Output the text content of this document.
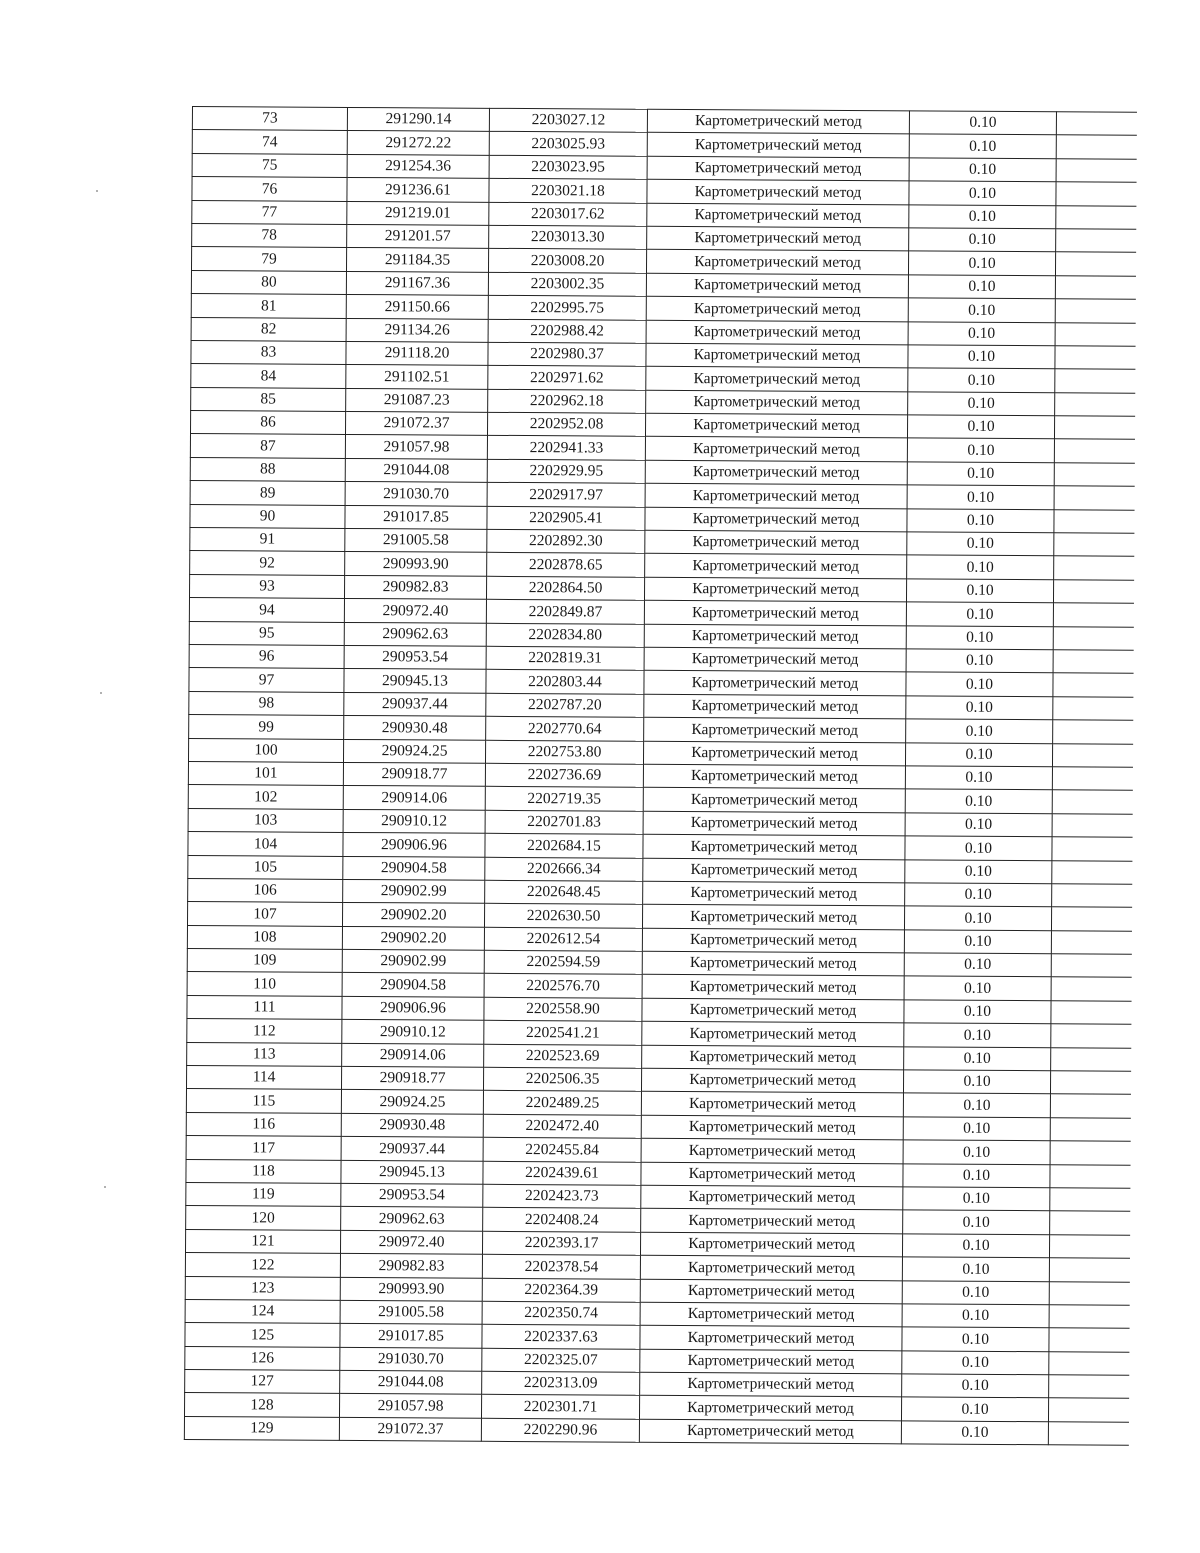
73	291290.14	2203027.12	Картометрический метод	0.10	
74	291272.22	2203025.93	Картометрический метод	0.10	
75	291254.36	2203023.95	Картометрический метод	0.10	
76	291236.61	2203021.18	Картометрический метод	0.10	
77	291219.01	2203017.62	Картометрический метод	0.10	
78	291201.57	2203013.30	Картометрический метод	0.10	
79	291184.35	2203008.20	Картометрический метод	0.10	
80	291167.36	2203002.35	Картометрический метод	0.10	
81	291150.66	2202995.75	Картометрический метод	0.10	
82	291134.26	2202988.42	Картометрический метод	0.10	
83	291118.20	2202980.37	Картометрический метод	0.10	
84	291102.51	2202971.62	Картометрический метод	0.10	
85	291087.23	2202962.18	Картометрический метод	0.10	
86	291072.37	2202952.08	Картометрический метод	0.10	
87	291057.98	2202941.33	Картометрический метод	0.10	
88	291044.08	2202929.95	Картометрический метод	0.10	
89	291030.70	2202917.97	Картометрический метод	0.10	
90	291017.85	2202905.41	Картометрический метод	0.10	
91	291005.58	2202892.30	Картометрический метод	0.10	
92	290993.90	2202878.65	Картометрический метод	0.10	
93	290982.83	2202864.50	Картометрический метод	0.10	
94	290972.40	2202849.87	Картометрический метод	0.10	
95	290962.63	2202834.80	Картометрический метод	0.10	
96	290953.54	2202819.31	Картометрический метод	0.10	
97	290945.13	2202803.44	Картометрический метод	0.10	
98	290937.44	2202787.20	Картометрический метод	0.10	
99	290930.48	2202770.64	Картометрический метод	0.10	
100	290924.25	2202753.80	Картометрический метод	0.10	
101	290918.77	2202736.69	Картометрический метод	0.10	
102	290914.06	2202719.35	Картометрический метод	0.10	
103	290910.12	2202701.83	Картометрический метод	0.10	
104	290906.96	2202684.15	Картометрический метод	0.10	
105	290904.58	2202666.34	Картометрический метод	0.10	
106	290902.99	2202648.45	Картометрический метод	0.10	
107	290902.20	2202630.50	Картометрический метод	0.10	
108	290902.20	2202612.54	Картометрический метод	0.10	
109	290902.99	2202594.59	Картометрический метод	0.10	
110	290904.58	2202576.70	Картометрический метод	0.10	
111	290906.96	2202558.90	Картометрический метод	0.10	
112	290910.12	2202541.21	Картометрический метод	0.10	
113	290914.06	2202523.69	Картометрический метод	0.10	
114	290918.77	2202506.35	Картометрический метод	0.10	
115	290924.25	2202489.25	Картометрический метод	0.10	
116	290930.48	2202472.40	Картометрический метод	0.10	
117	290937.44	2202455.84	Картометрический метод	0.10	
118	290945.13	2202439.61	Картометрический метод	0.10	
119	290953.54	2202423.73	Картометрический метод	0.10	
120	290962.63	2202408.24	Картометрический метод	0.10	
121	290972.40	2202393.17	Картометрический метод	0.10	
122	290982.83	2202378.54	Картометрический метод	0.10	
123	290993.90	2202364.39	Картометрический метод	0.10	
124	291005.58	2202350.74	Картометрический метод	0.10	
125	291017.85	2202337.63	Картометрический метод	0.10	
126	291030.70	2202325.07	Картометрический метод	0.10	
127	291044.08	2202313.09	Картометрический метод	0.10	
128	291057.98	2202301.71	Картометрический метод	0.10	
129	291072.37	2202290.96	Картометрический метод	0.10	
